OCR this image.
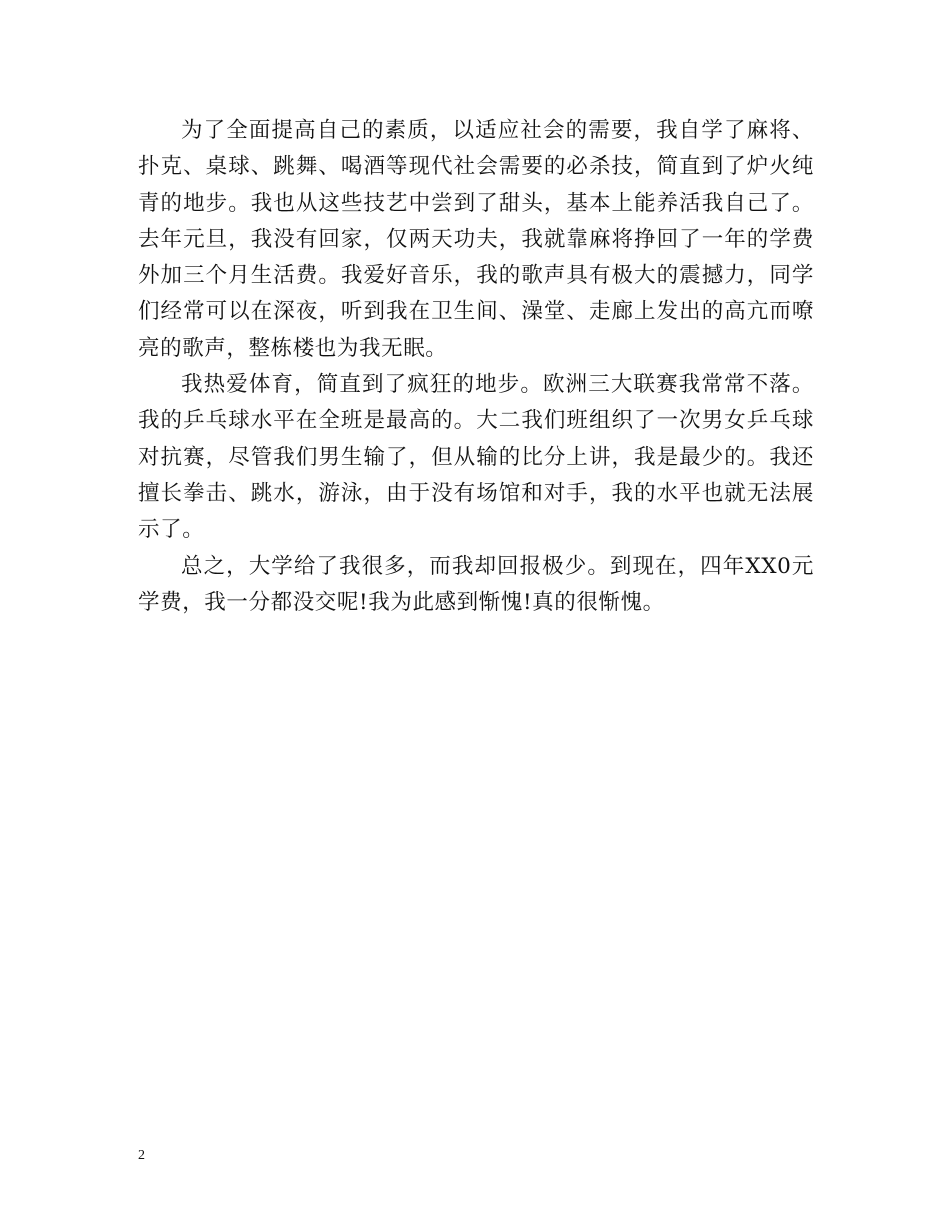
为了全面提高自己的素质，以适应社会的需要，我自学了麻将、扑克、桌球、跳舞、喝酒等现代社会需要的必杀技，简直到了炉火纯青的地步。我也从这些技艺中尝到了甜头，基本上能养活我自己了。去年元旦，我没有回家，仅两天功夫，我就靠麻将挣回了一年的学费外加三个月生活费。我爱好音乐，我的歌声具有极大的震撼力，同学们经常可以在深夜，听到我在卫生间、澡堂、走廊上发出的高亢而嘹亮的歌声，整栋楼也为我无眠。

我热爱体育，简直到了疯狂的地步。欧洲三大联赛我常常不落。我的乒乓球水平在全班是最高的。大二我们班组织了一次男女乒乓球对抗赛，尽管我们男生输了，但从输的比分上讲，我是最少的。我还擅长拳击、跳水，游泳，由于没有场馆和对手，我的水平也就无法展示了。

总之，大学给了我很多，而我却回报极少。到现在，四年XX0元学费，我一分都没交呢!我为此感到惭愧!真的很惭愧。

2
